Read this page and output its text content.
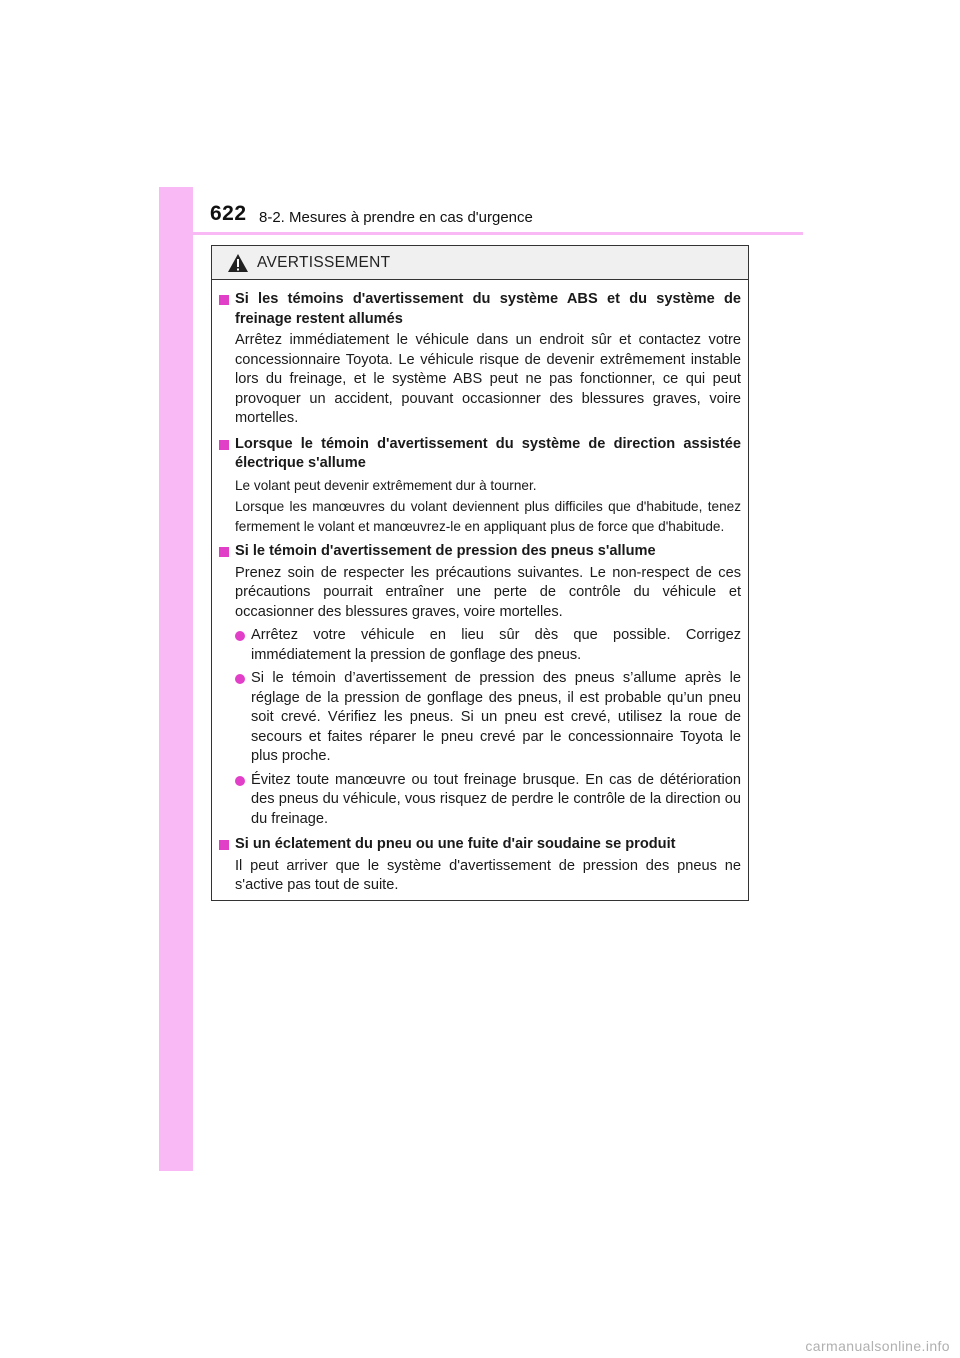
622 8-2. Mesures à prendre en cas d'urgence
AVERTISSEMENT
Si les témoins d'avertissement du système ABS et du système de freinage restent allumés
Arrêtez immédiatement le véhicule dans un endroit sûr et contactez votre concessionnaire Toyota. Le véhicule risque de devenir extrêmement instable lors du freinage, et le système ABS peut ne pas fonctionner, ce qui peut provoquer un accident, pouvant occasionner des blessures graves, voire mortelles.
Lorsque le témoin d'avertissement du système de direction assistée électrique s'allume
Le volant peut devenir extrêmement dur à tourner.
Lorsque les manœuvres du volant deviennent plus difficiles que d'habitude, tenez fermement le volant et manœuvrez-le en appliquant plus de force que d'habitude.
Si le témoin d'avertissement de pression des pneus s'allume
Prenez soin de respecter les précautions suivantes. Le non-respect de ces précautions pourrait entraîner une perte de contrôle du véhicule et occasionner des blessures graves, voire mortelles.
Arrêtez votre véhicule en lieu sûr dès que possible. Corrigez immédiatement la pression de gonflage des pneus.
Si le témoin d’avertissement de pression des pneus s’allume après le réglage de la pression de gonflage des pneus, il est probable qu’un pneu soit crevé. Vérifiez les pneus. Si un pneu est crevé, utilisez la roue de secours et faites réparer le pneu crevé par le concessionnaire Toyota le plus proche.
Évitez toute manœuvre ou tout freinage brusque. En cas de détérioration des pneus du véhicule, vous risquez de perdre le contrôle de la direction ou du freinage.
Si un éclatement du pneu ou une fuite d'air soudaine se produit
Il peut arriver que le système d'avertissement de pression des pneus ne s'active pas tout de suite.
carmanualsonline.info
